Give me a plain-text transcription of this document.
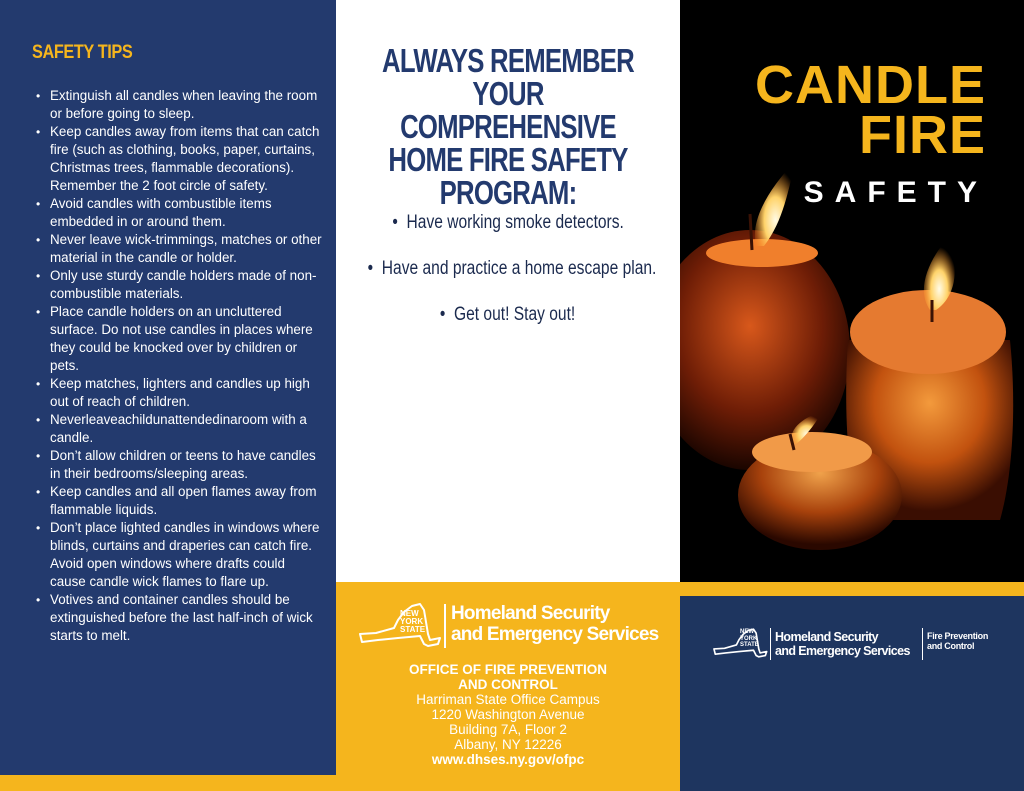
SAFETY TIPS
• Extinguish all candles when leaving the room or before going to sleep.
• Keep candles away from items that can catch fire (such as clothing, books, paper, curtains, Christmas trees, flammable decorations). Remember the 2 foot circle of safety.
• Avoid candles with combustible items embedded in or around them.
• Never leave wick-trimmings, matches or other material in the candle or holder.
• Only use sturdy candle holders made of non-combustible materials.
• Place candle holders on an uncluttered surface. Do not use candles in places where they could be knocked over by children or pets.
• Keep matches, lighters and candles up high out of reach of children.
• Neverleaveachildunattendedinaroom with a candle.
• Don’t allow children or teens to have candles in their bedrooms/sleeping areas.
• Keep candles and all open flames away from flammable liquids.
• Don’t place lighted candles in windows where blinds, curtains and draperies can catch fire. Avoid open windows where drafts could cause candle wick flames to flare up.
• Votives and container candles should be extinguished before the last half-inch of wick starts to melt.
ALWAYS REMEMBER
YOUR COMPREHENSIVE
HOME FIRE SAFETY
PROGRAM:
•  Have working smoke detectors.
•  Have and practice a home escape plan.
•  Get out! Stay out!
NEW
YORK
STATE
Homeland Security
and Emergency Services
OFFICE OF FIRE PREVENTION
AND CONTROL
Harriman State Office Campus
1220 Washington Avenue
Building 7A, Floor 2
Albany, NY 12226
www.dhses.ny.gov/ofpc
CANDLE
FIRE
SAFETY
NEW
YORK
STATE
Homeland Security
and Emergency Services
Fire Prevention
and Control
